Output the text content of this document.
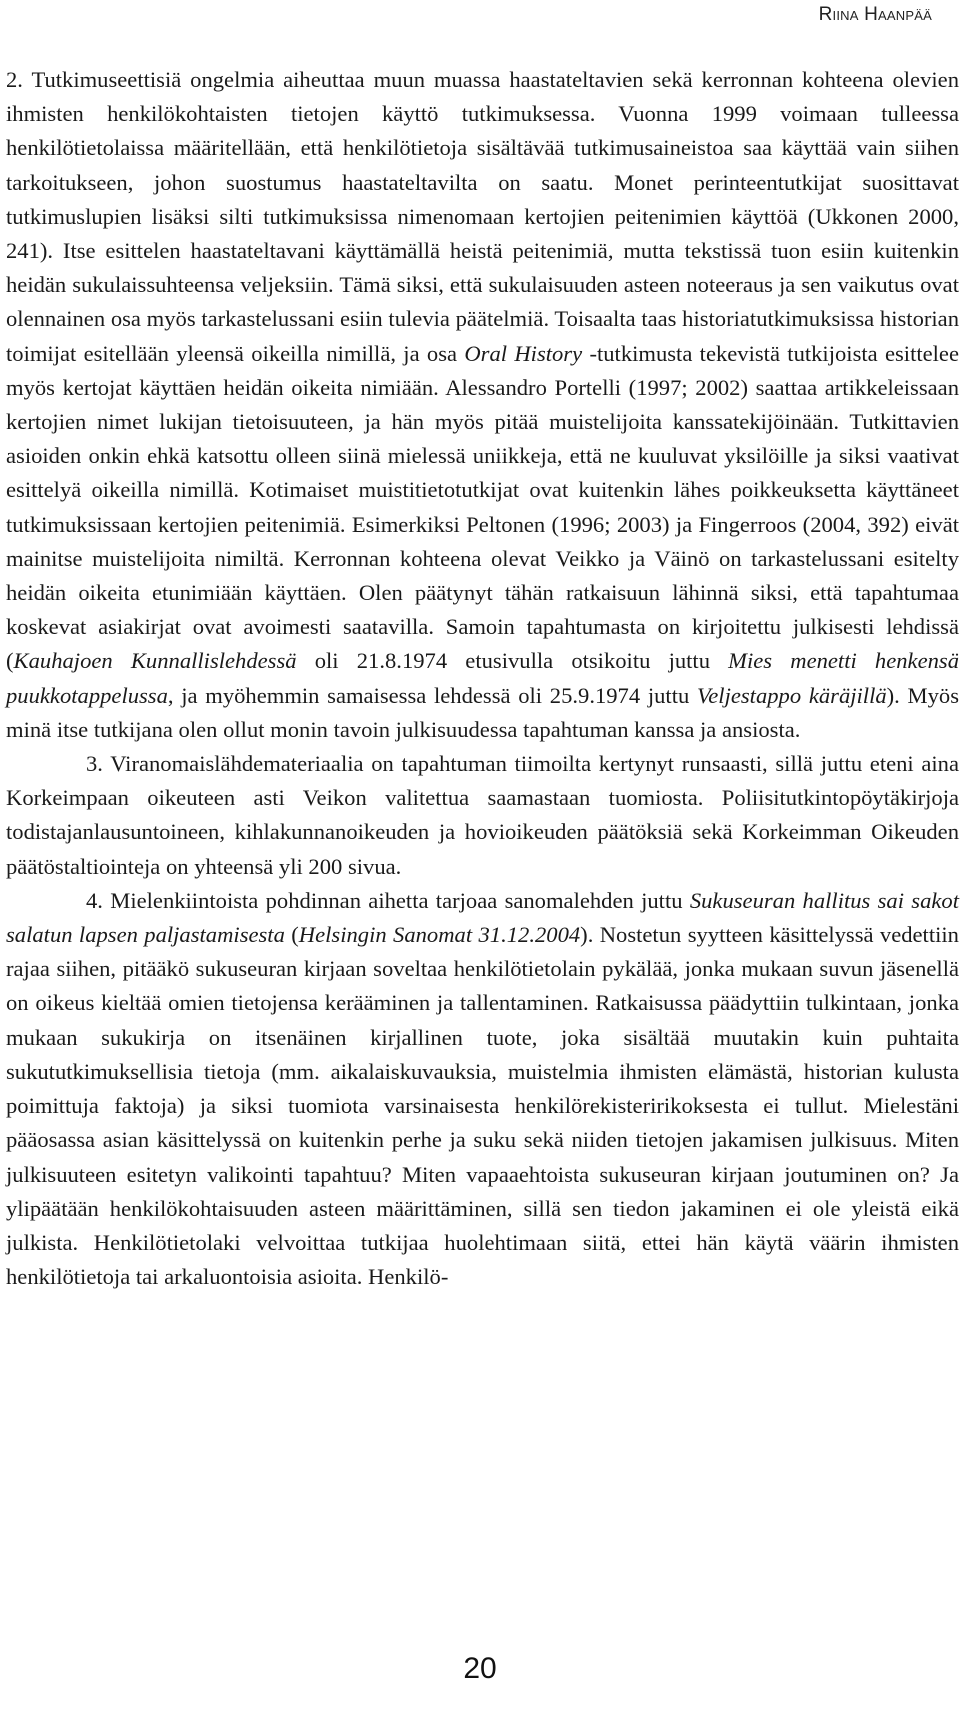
Riina Haanpää

2. Tutkimuseettisiä ongelmia aiheuttaa muun muassa haastateltavien sekä kerronnan kohteena olevien ihmisten henkilökohtaisten tietojen käyttö tutkimuksessa. Vuonna 1999 voimaan tulleessa henkilötietolaissa määritellään, että henkilötietoja sisältävää tutkimusaineistoa saa käyttää vain siihen tarkoitukseen, johon suostumus haastateltavilta on saatu. Monet perinteentutkijat suosittavat tutkimuslupien lisäksi silti tutkimuksissa nimenomaan kertojien peitenimien käyttöä (Ukkonen 2000, 241). Itse esittelen haastateltavani käyttämällä heistä peitenimiä, mutta tekstissä tuon esiin kuitenkin heidän sukulaissuhteensa veljeksiin. Tämä siksi, että sukulaisuuden asteen noteeraus ja sen vaikutus ovat olennainen osa myös tarkastelussani esiin tulevia päätelmiä. Toisaalta taas historiatutkimuksissa historian toimijat esitellään yleensä oikeilla nimillä, ja osa Oral History -tutkimusta tekevistä tutkijoista esittelee myös kertojat käyttäen heidän oikeita nimiään. Alessandro Portelli (1997; 2002) saattaa artikkeleissaan kertojien nimet lukijan tietoisuuteen, ja hän myös pitää muistelijoita kanssatekijöinään. Tutkittavien asioiden onkin ehkä katsottu olleen siinä mielessä uniikkeja, että ne kuuluvat yksilöille ja siksi vaativat esittelyä oikeilla nimillä. Kotimaiset muistitietotutkijat ovat kuitenkin lähes poikkeuksetta käyttäneet tutkimuksissaan kertojien peitenimiä. Esimerkiksi Peltonen (1996; 2003) ja Fingerroos (2004, 392) eivät mainitse muistelijoita nimiltä. Kerronnan kohteena olevat Veikko ja Väinö on tarkastelussani esitelty heidän oikeita etunimiään käyttäen. Olen päätynyt tähän ratkaisuun lähinnä siksi, että tapahtumaa koskevat asiakirjat ovat avoimesti saatavilla. Samoin tapahtumasta on kirjoitettu julkisesti lehdissä (Kauhajoen Kunnallislehdessä oli 21.8.1974 etusivulla otsikoitu juttu Mies menetti henkensä puukkotappelussa, ja myöhemmin samaisessa lehdessä oli 25.9.1974 juttu Veljestappo käräjillä). Myös minä itse tutkijana olen ollut monin tavoin julkisuudessa tapahtuman kanssa ja ansiosta.

3. Viranomaislähdemateriaalia on tapahtuman tiimoilta kertynyt runsaasti, sillä juttu eteni aina Korkeimpaan oikeuteen asti Veikon valitettua saamastaan tuomiosta. Poliisitutkintopöytäkirjoja todistajanlausuntoineen, kihlakunnanoikeuden ja hovioikeuden päätöksiä sekä Korkeimman Oikeuden päätöstaltiointeja on yhteensä yli 200 sivua.

4. Mielenkiintoista pohdinnan aihetta tarjoaa sanomalehden juttu Sukuseuran hallitus sai sakot salatun lapsen paljastamisesta (Helsingin Sanomat 31.12.2004). Nostetun syytteen käsittelyssä vedettiin rajaa siihen, pitääkö sukuseuran kirjaan soveltaa henkilötietolain pykälää, jonka mukaan suvun jäsenellä on oikeus kieltää omien tietojensa kerääminen ja tallentaminen. Ratkaisussa päädyttiin tulkintaan, jonka mukaan sukukirja on itsenäinen kirjallinen tuote, joka sisältää muutakin kuin puhtaita sukututkimuksellisia tietoja (mm. aikalaiskuvauksia, muistelmia ihmisten elämästä, historian kulusta poimittuja faktoja) ja siksi tuomiota varsinaisesta henkilörekisteririkoksesta ei tullut. Mielestäni pääosassa asian käsittelyssä on kuitenkin perhe ja suku sekä niiden tietojen jakamisen julkisuus. Miten julkisuuteen esitetyn valikointi tapahtuu? Miten vapaaehtoista sukuseuran kirjaan joutuminen on? Ja ylipäätään henkilökohtaisuuden asteen määrittäminen, sillä sen tiedon jakaminen ei ole yleistä eikä julkista. Henkilötietolaki velvoittaa tutkijaa huolehtimaan siitä, ettei hän käytä väärin ihmisten henkilötietoja tai arkaluontoisia asioita. Henkilö-

20
